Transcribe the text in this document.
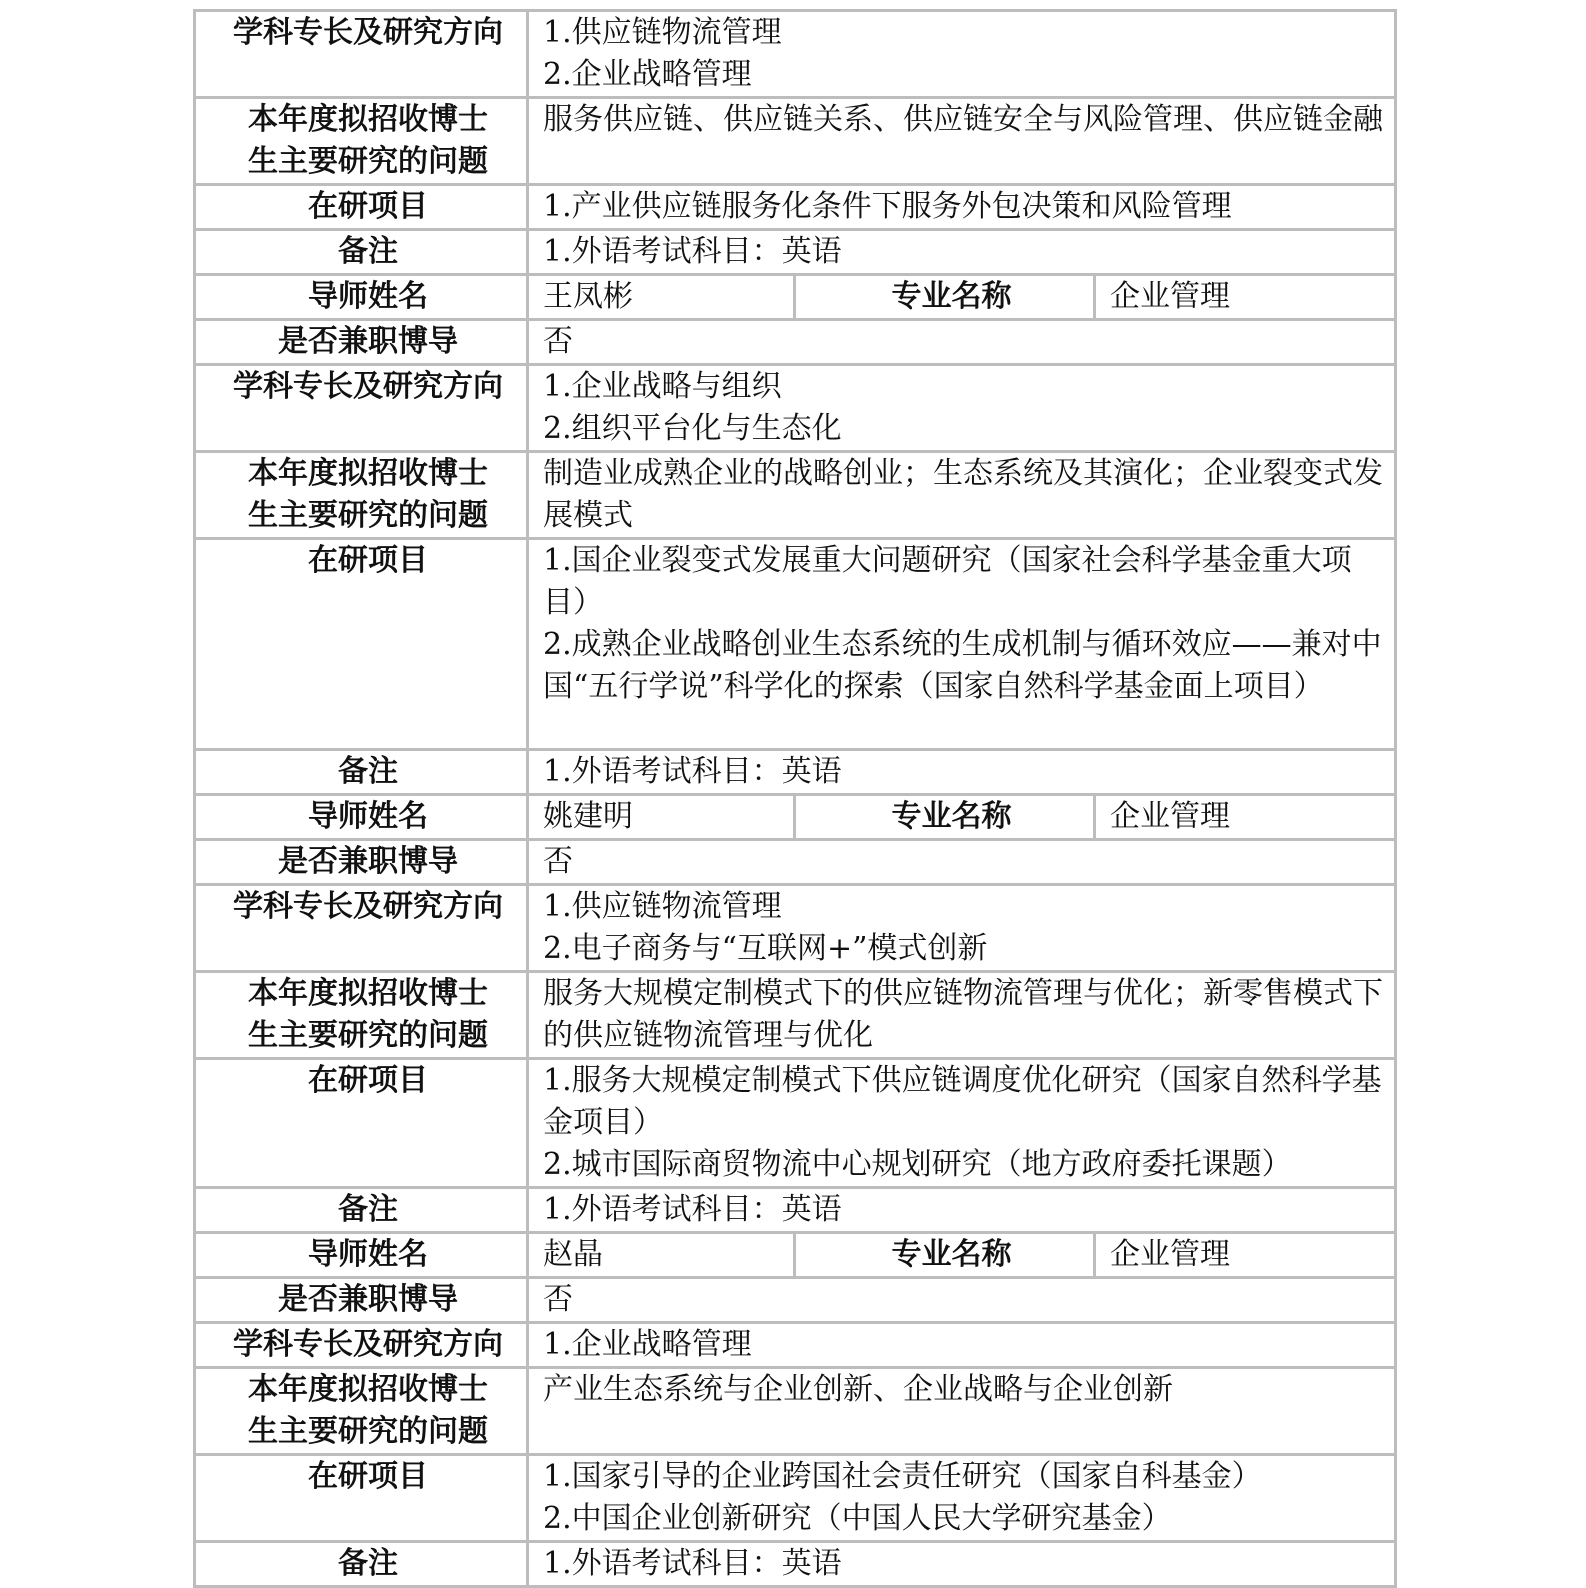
学科专长及研究方向	1.供应链物流管理
2.企业战略管理		

本年度拟招收博士
生主要研究的问题	服务供应链、供应链关系、供应链安全与风险管理、供应链金融		
在研项目	1.产业供应链服务化条件下服务外包决策和风险管理		

备注	1.外语考试科目：英语		
导师姓名	王凤彬	专业名称	企业管理
是否兼职博导	否		
学科专长及研究方向	1.企业战略与组织
2.组织平台化与生态化		

本年度拟招收博士
生主要研究的问题	制造业成熟企业的战略创业；生态系统及其演化；企业裂变式发展模式		
在研项目	1.国企业裂变式发展重大问题研究（国家社会科学基金重大项目）
2.成熟企业战略创业生态系统的生成机制与循环效应——兼对中国“五行学说”科学化的探索（国家自然科学基金面上项目）		

备注	1.外语考试科目：英语		
导师姓名	姚建明	专业名称	企业管理
是否兼职博导	否		
学科专长及研究方向	1.供应链物流管理
2.电子商务与“互联网+”模式创新		

本年度拟招收博士
生主要研究的问题	服务大规模定制模式下的供应链物流管理与优化；新零售模式下的供应链物流管理与优化		
在研项目	1.服务大规模定制模式下供应链调度优化研究（国家自然科学基金项目）
2.城市国际商贸物流中心规划研究（地方政府委托课题）		

备注	1.外语考试科目：英语		
导师姓名	赵晶	专业名称	企业管理
是否兼职博导	否		
学科专长及研究方向	1.企业战略管理		

本年度拟招收博士
生主要研究的问题	产业生态系统与企业创新、企业战略与企业创新		
在研项目	1.国家引导的企业跨国社会责任研究（国家自科基金）
2.中国企业创新研究（中国人民大学研究基金）		

备注	1.外语考试科目：英语		
